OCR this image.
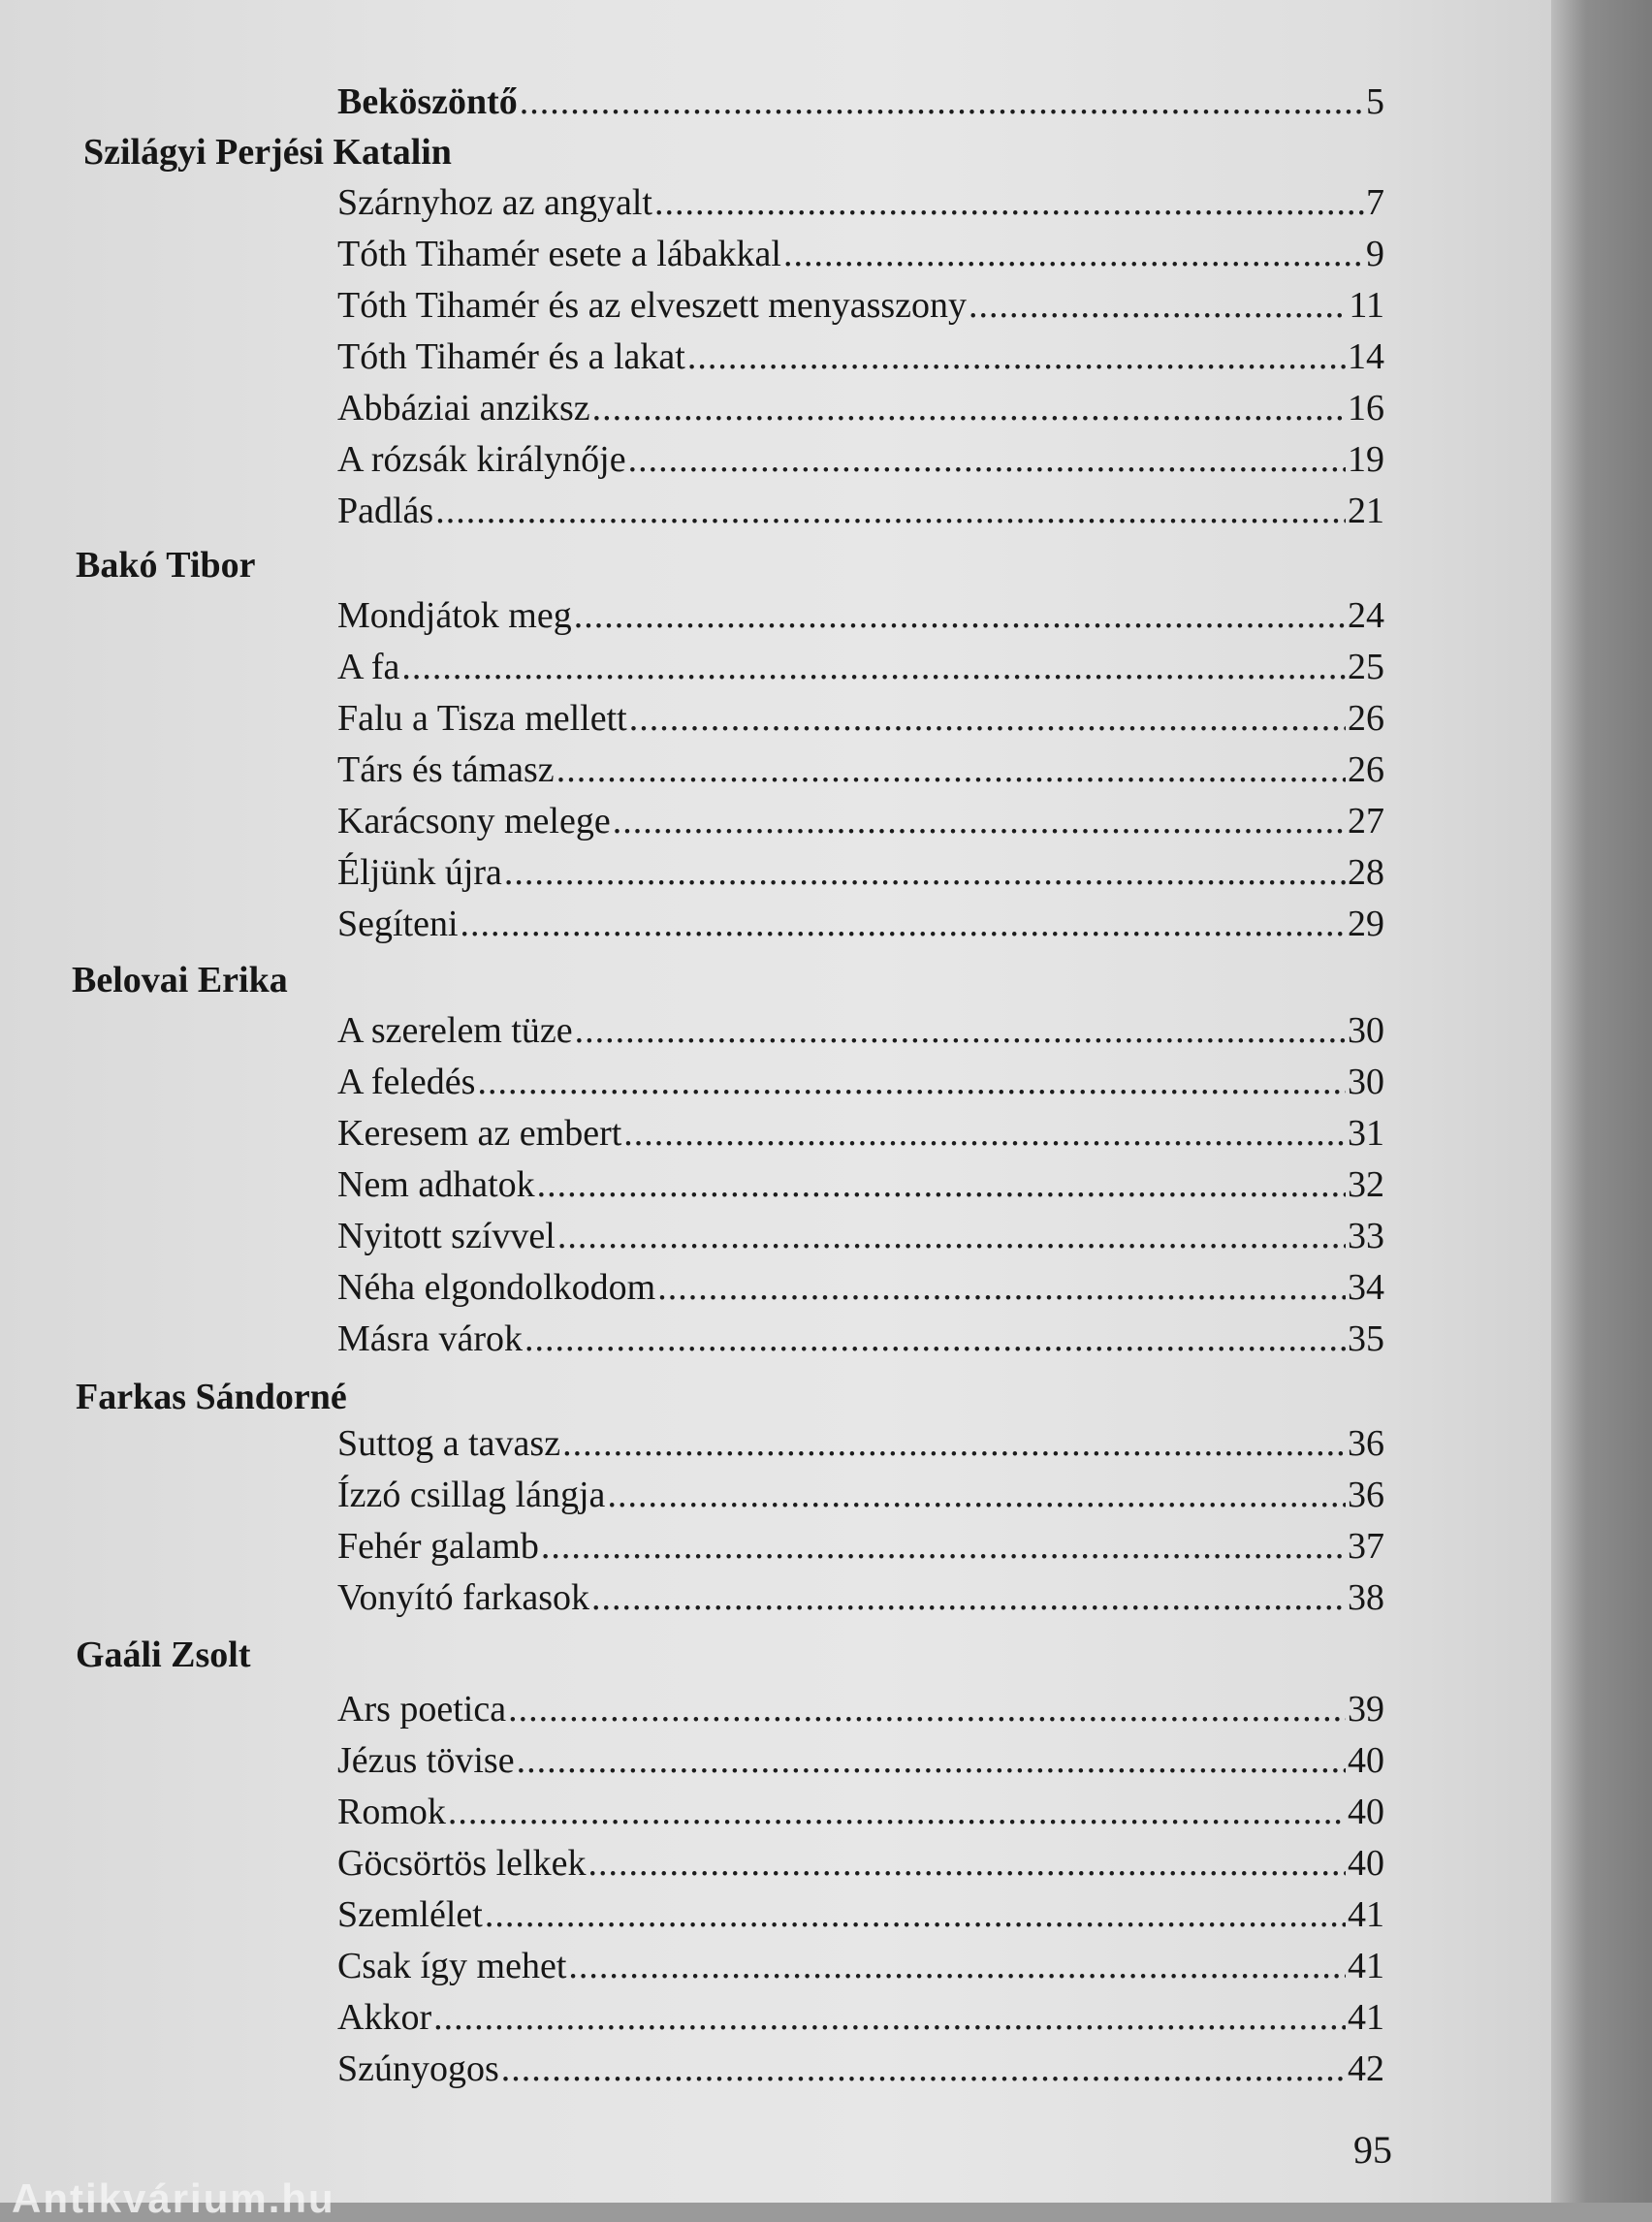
Beköszöntő .....	5
Szilágyi Perjési Katalin
Szárnyhoz az angyalt .....	7
Tóth Tihamér esete a lábakkal .....	9
Tóth Tihamér és az elveszett menyasszony .....	11
Tóth Tihamér és a lakat .....	14
Abbáziai anziksz .....	16
A rózsák királynője .....	19
Padlás .....	21
Bakó Tibor
Mondjátok meg .....	24
A fa .....	25
Falu a Tisza mellett .....	26
Társ és támasz .....	26
Karácsony melege .....	27
Éljünk újra .....	28
Segíteni .....	29
Belovai Erika
A szerelem tüze .....	30
A feledés .....	30
Keresem az embert .....	31
Nem adhatok .....	32
Nyitott szívvel .....	33
Néha elgondolkodom .....	34
Másra várok .....	35
Farkas Sándorné
Suttog a tavasz .....	36
Ízzó csillag lángja .....	36
Fehér galamb .....	37
Vonyító farkasok .....	38
Gaáli Zsolt
Ars poetica .....	39
Jézus tövise .....	40
Romok .....	40
Göcsörtös lelkek .....	40
Szemlélet .....	41
Csak így mehet .....	41
Akkor .....	41
Szúnyogos .....	42
95
Antikvárium.hu
